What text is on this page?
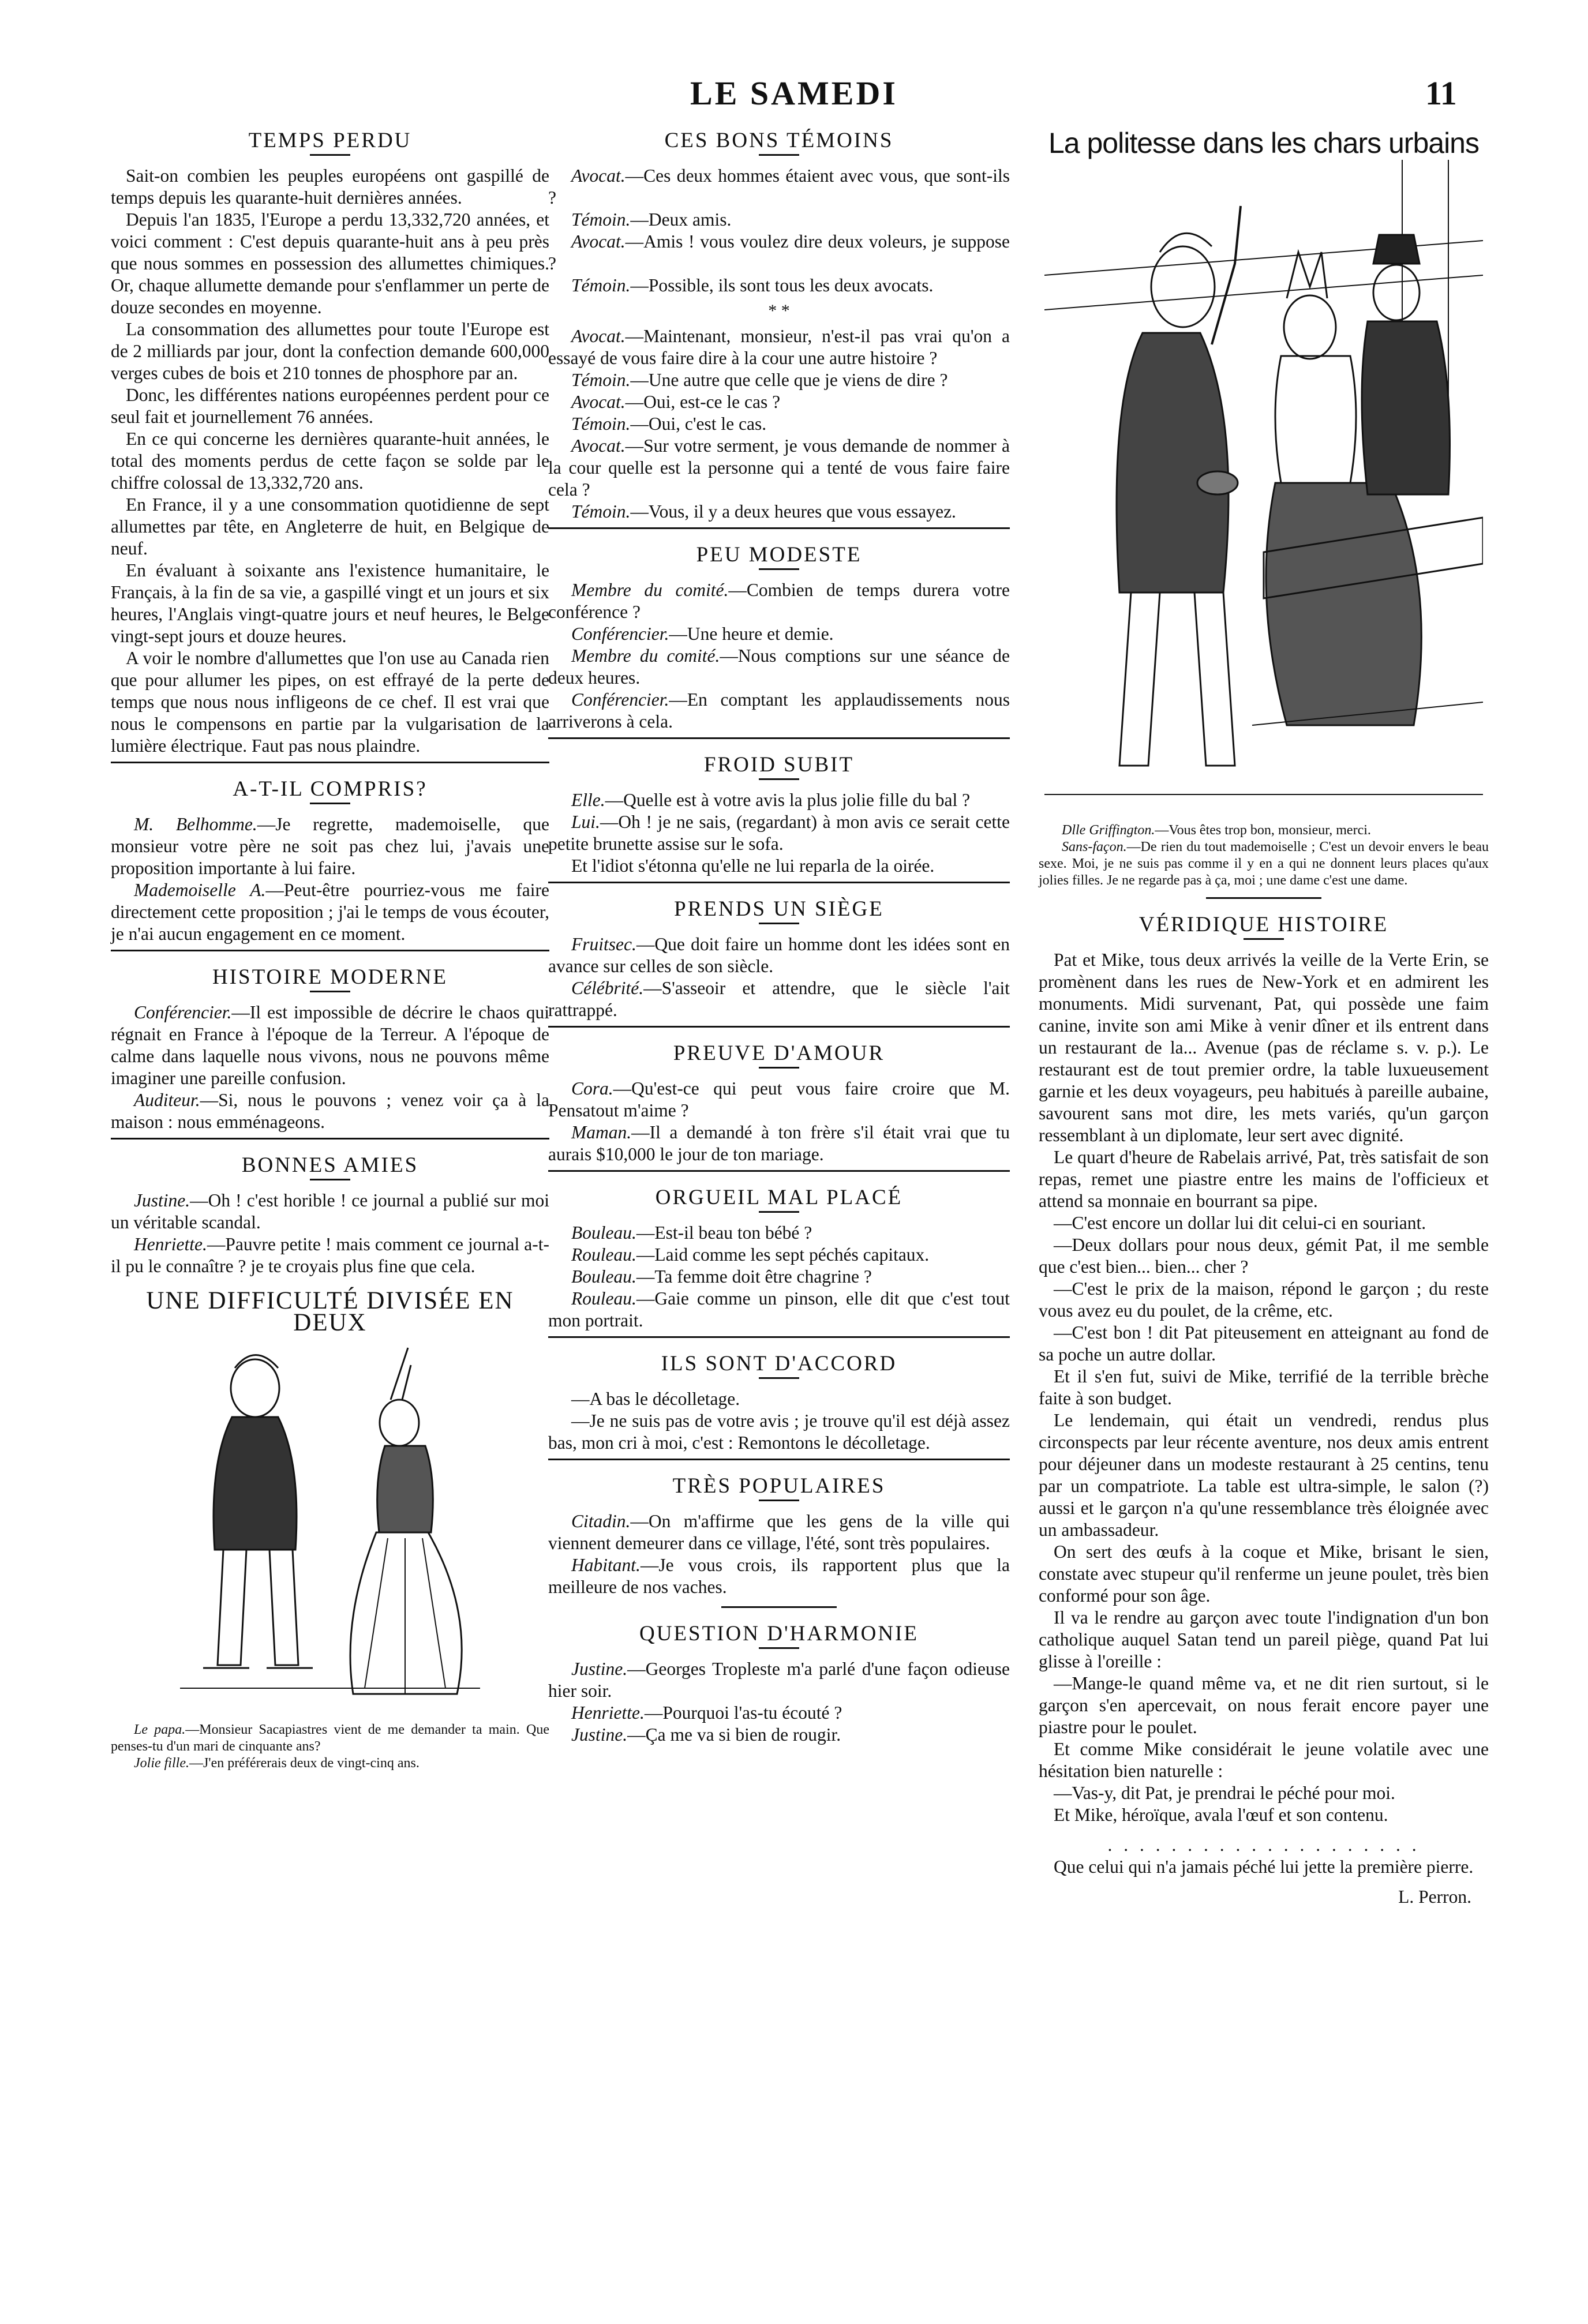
LE SAMEDI	11
TEMPS PERDU

Sait-on combien les peuples européens ont gaspillé de temps depuis les quarante-huit dernières années.

Depuis l'an 1835, l'Europe a perdu 13,332,720 années, et voici comment : C'est depuis quarante-huit ans à peu près que nous sommes en possession des allumettes chimiques. Or, chaque allumette demande pour s'enflammer un perte de douze secondes en moyenne.

La consommation des allumettes pour toute l'Europe est de 2 milliards par jour, dont la confection demande 600,000 verges cubes de bois et 210 tonnes de phosphore par an.

Donc, les différentes nations européennes perdent pour ce seul fait et journellement 76 années.

En ce qui concerne les dernières quarante-huit années, le total des moments perdus de cette façon se solde par le chiffre colossal de 13,332,720 ans.

En France, il y a une consommation quotidienne de sept allumettes par tête, en Angleterre de huit, en Belgique de neuf.

En évaluant à soixante ans l'existence humanitaire, le Français, à la fin de sa vie, a gaspillé vingt et un jours et six heures, l'Anglais vingt-quatre jours et neuf heures, le Belge vingt-sept jours et douze heures.

A voir le nombre d'allumettes que l'on use au Canada rien que pour allumer les pipes, on est effrayé de la perte de temps que nous nous infligeons de ce chef. Il est vrai que nous le compensons en partie par la vulgarisation de la lumière électrique. Faut pas nous plaindre.

A-T-IL COMPRIS?

M. Belhomme.—Je regrette, mademoiselle, que monsieur votre père ne soit pas chez lui, j'avais une proposition importante à lui faire.

Mademoiselle A.—Peut-être pourriez-vous me faire directement cette proposition ; j'ai le temps de vous écouter, je n'ai aucun engagement en ce moment.

HISTOIRE MODERNE

Conférencier.—Il est impossible de décrire le chaos qui régnait en France à l'époque de la Terreur. A l'époque de calme dans laquelle nous vivons, nous ne pouvons même imaginer une pareille confusion.

Auditeur.—Si, nous le pouvons ; venez voir ça à la maison : nous emménageons.

BONNES AMIES

Justine.—Oh ! c'est horible ! ce journal a publié sur moi un véritable scandal.

Henriette.—Pauvre petite ! mais comment ce journal a-t-il pu le connaître ? je te croyais plus fine que cela.

UNE DIFFICULTÉ DIVISÉE EN DEUX

Le papa.—Monsieur Sacapiastres vient de me demander ta main. Que penses-tu d'un mari de cinquante ans?

Jolie fille.—J'en préférerais deux de vingt-cinq ans.

CES BONS TÉMOINS

Avocat.—Ces deux hommes étaient avec vous, que sont-ils ?

Témoin.—Deux amis.

Avocat.—Amis ! vous voulez dire deux voleurs, je suppose ?

Témoin.—Possible, ils sont tous les deux avocats.

* *

Avocat.—Maintenant, monsieur, n'est-il pas vrai qu'on a essayé de vous faire dire à la cour une autre histoire ?

Témoin.—Une autre que celle que je viens de dire ?

Avocat.—Oui, est-ce le cas ?

Témoin.—Oui, c'est le cas.

Avocat.—Sur votre serment, je vous demande de nommer à la cour quelle est la personne qui a tenté de vous faire faire cela ?

Témoin.—Vous, il y a deux heures que vous essayez.

PEU MODESTE

Membre du comité.—Combien de temps durera votre conférence ?

Conférencier.—Une heure et demie.

Membre du comité.—Nous comptions sur une séance de deux heures.

Conférencier.—En comptant les applaudissements nous arriverons à cela.

FROID SUBIT

Elle.—Quelle est à votre avis la plus jolie fille du bal ?

Lui.—Oh ! je ne sais, (regardant) à mon avis ce serait cette petite brunette assise sur le sofa.

Et l'idiot s'étonna qu'elle ne lui reparla de la oirée.

PRENDS UN SIÈGE

Fruitsec.—Que doit faire un homme dont les idées sont en avance sur celles de son siècle.

Célébrité.—S'asseoir et attendre, que le siècle l'ait rattrappé.

PREUVE D'AMOUR

Cora.—Qu'est-ce qui peut vous faire croire que M. Pensatout m'aime ?

Maman.—Il a demandé à ton frère s'il était vrai que tu aurais $10,000 le jour de ton mariage.

ORGUEIL MAL PLACÉ

Bouleau.—Est-il beau ton bébé ?

Rouleau.—Laid comme les sept péchés capitaux.

Bouleau.—Ta femme doit être chagrine ?

Rouleau.—Gaie comme un pinson, elle dit que c'est tout mon portrait.

ILS SONT D'ACCORD

—A bas le décolletage.

—Je ne suis pas de votre avis ; je trouve qu'il est déjà assez bas, mon cri à moi, c'est : Remontons le décolletage.

TRÈS POPULAIRES

Citadin.—On m'affirme que les gens de la ville qui viennent demeurer dans ce village, l'été, sont très populaires.

Habitant.—Je vous crois, ils rapportent plus que la meilleure de nos vaches.

QUESTION D'HARMONIE

Justine.—Georges Tropleste m'a parlé d'une façon odieuse hier soir.

Henriette.—Pourquoi l'as-tu écouté ?

Justine.—Ça me va si bien de rougir.

La politesse dans les chars urbains

Dlle Griffington.—Vous êtes trop bon, monsieur, merci.

Sans-façon.—De rien du tout mademoiselle ; C'est un devoir envers le beau sexe. Moi, je ne suis pas comme il y en a qui ne donnent leurs places qu'aux jolies filles. Je ne regarde pas à ça, moi ; une dame c'est une dame.

VÉRIDIQUE HISTOIRE

Pat et Mike, tous deux arrivés la veille de la Verte Erin, se promènent dans les rues de New-York et en admirent les monuments. Midi survenant, Pat, qui possède une faim canine, invite son ami Mike à venir dîner et ils entrent dans un restaurant de la... Avenue (pas de réclame s. v. p.). Le restaurant est de tout premier ordre, la table luxueusement garnie et les deux voyageurs, peu habitués à pareille aubaine, savourent sans mot dire, les mets variés, qu'un garçon ressemblant à un diplomate, leur sert avec dignité.

Le quart d'heure de Rabelais arrivé, Pat, très satisfait de son repas, remet une piastre entre les mains de l'officieux et attend sa monnaie en bourrant sa pipe.

—C'est encore un dollar lui dit celui-ci en souriant.

—Deux dollars pour nous deux, gémit Pat, il me semble que c'est bien... bien... cher ?

—C'est le prix de la maison, répond le garçon ; du reste vous avez eu du poulet, de la crême, etc.

—C'est bon ! dit Pat piteusement en atteignant au fond de sa poche un autre dollar.

Et il s'en fut, suivi de Mike, terrifié de la terrible brèche faite à son budget.

Le lendemain, qui était un vendredi, rendus plus circonspects par leur récente aventure, nos deux amis entrent pour déjeuner dans un modeste restaurant à 25 centins, tenu par un compatriote. La table est ultra-simple, le salon (?) aussi et le garçon n'a qu'une ressemblance très éloignée avec un ambassadeur.

On sert des œufs à la coque et Mike, brisant le sien, constate avec stupeur qu'il renferme un jeune poulet, très bien conformé pour son âge.

Il va le rendre au garçon avec toute l'indignation d'un bon catholique auquel Satan tend un pareil piège, quand Pat lui glisse à l'oreille :

—Mange-le quand même va, et ne dit rien surtout, si le garçon s'en apercevait, on nous ferait encore payer une piastre pour le poulet.

Et comme Mike considérait le jeune volatile avec une hésitation bien naturelle :

—Vas-y, dit Pat, je prendrai le péché pour moi.

Et Mike, héroïque, avala l'œuf et son contenu.

. . . . . . . . . . . . . . . . . . . .

Que celui qui n'a jamais péché lui jette la première pierre.

L. Perron.
